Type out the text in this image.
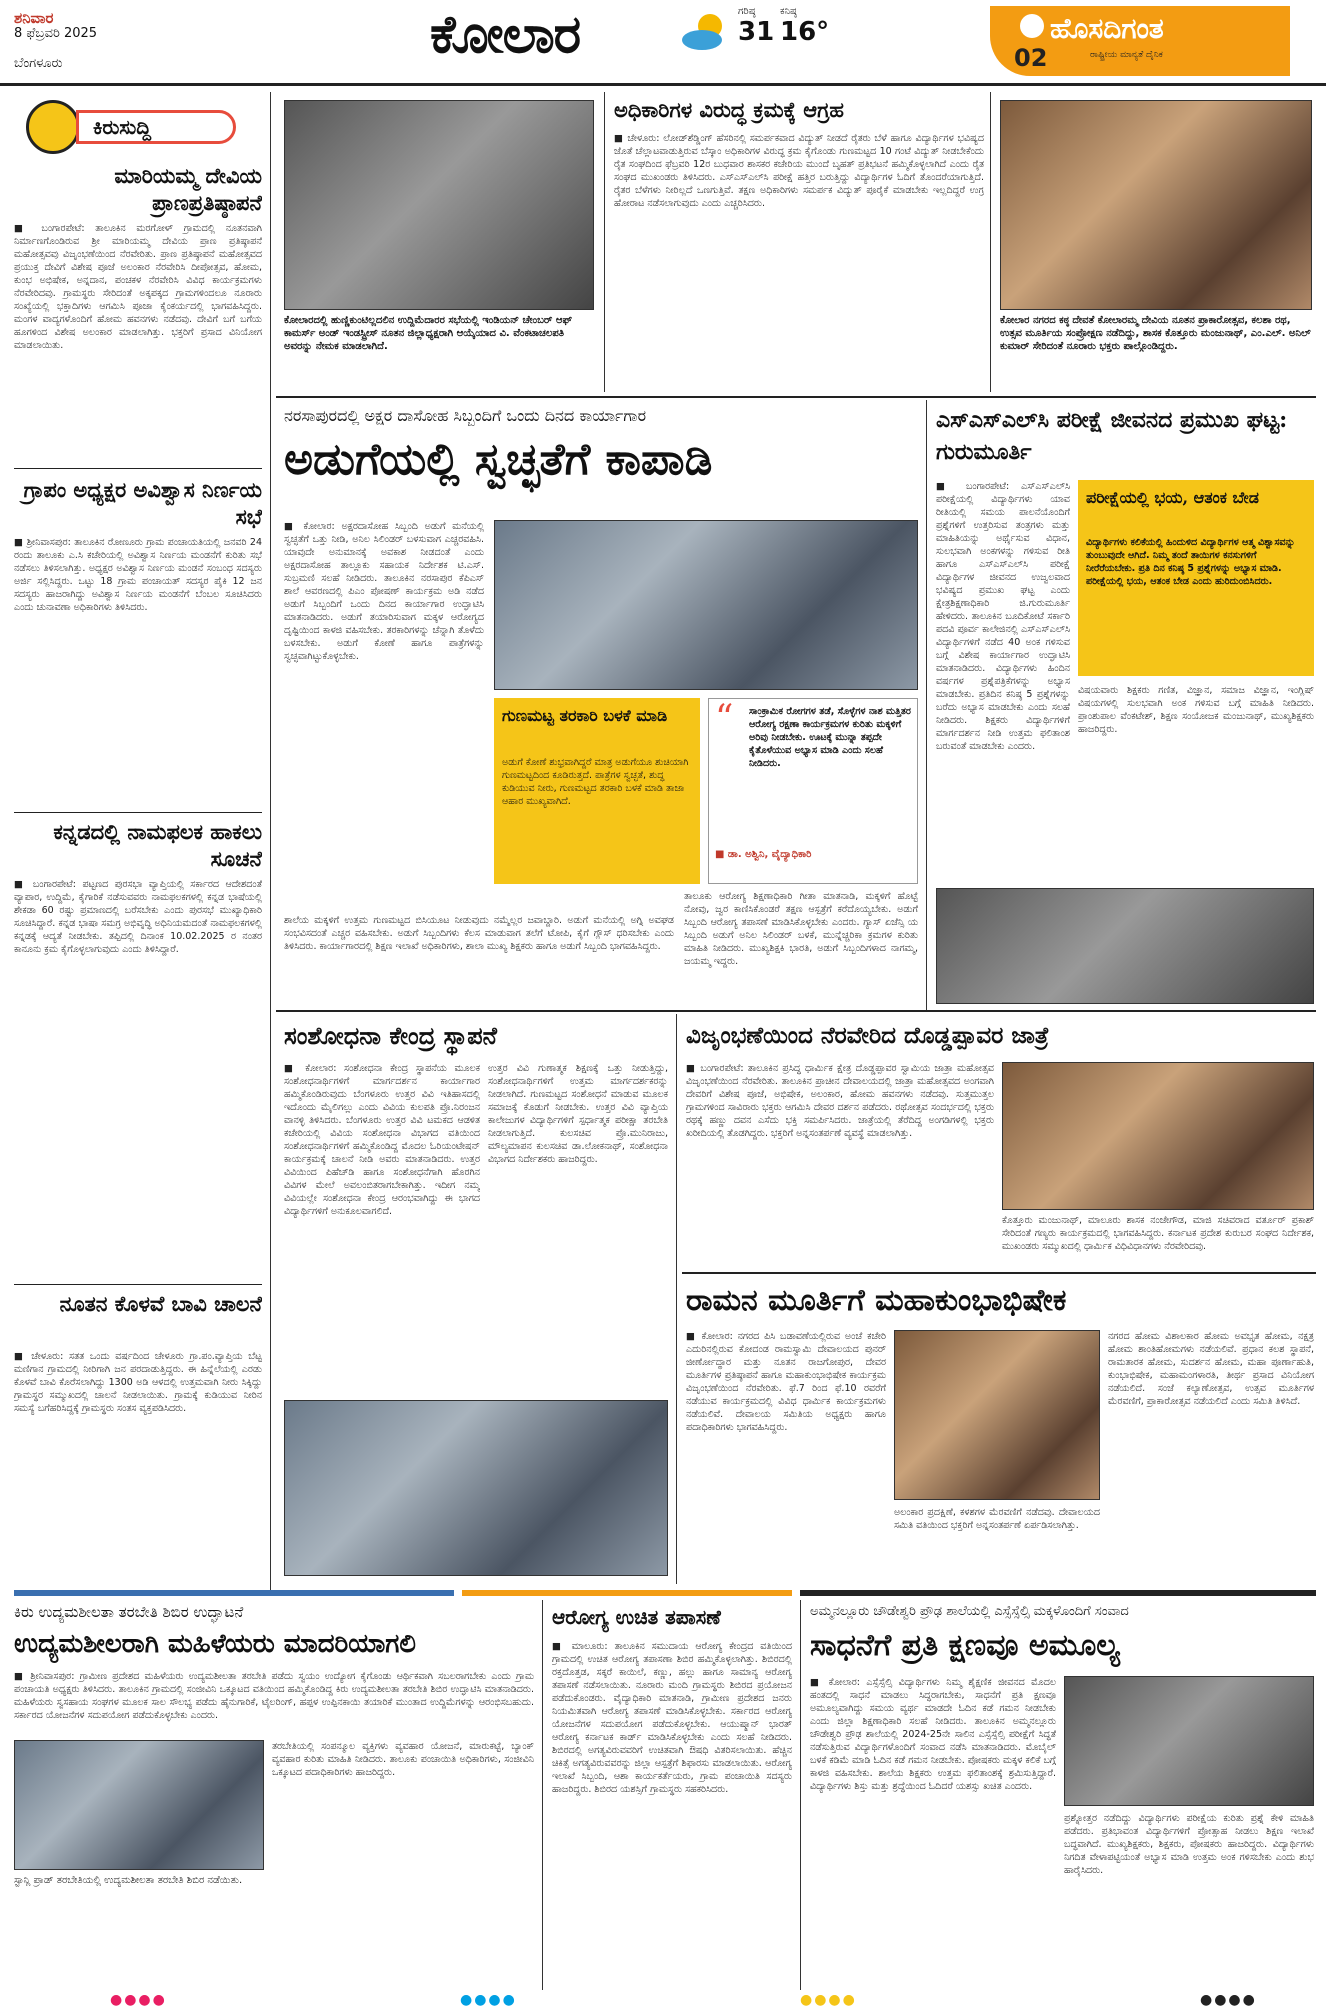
ಶನಿವಾರ
8 ಫೆಬ್ರವರಿ 2025
ಬೆಂಗಳೂರು	ಕೋಲಾರ	ಗರಿಷ್ಠ
31
ಕನಿಷ್ಠ
16°	ಹೊಸದಿಗಂತ
02	ರಾಷ್ಟ್ರೀಯ ಮಾನ್ಯತೆ ದೈನಿಕ
ಕಿರುಸುದ್ದಿ
ಮಾರಿಯಮ್ಮ ದೇವಿಯ ಪ್ರಾಣಪ್ರತಿಷ್ಠಾಪನೆ
■ ಬಂಗಾರಪೇಟೆ: ತಾಲೂಕಿನ ಮರಗೋಳ್ ಗ್ರಾಮದಲ್ಲಿ ನೂತನವಾಗಿ ನಿರ್ಮಾಣಗೊಂಡಿರುವ ಶ್ರೀ ಮಾರಿಯಮ್ಮ ದೇವಿಯ ಪ್ರಾಣ ಪ್ರತಿಷ್ಠಾಪನೆ ಮಹೋತ್ಸವವು ವಿಜೃಂಭಣೆಯಿಂದ ನೆರವೇರಿತು. ಪ್ರಾಣ ಪ್ರತಿಷ್ಠಾಪನೆ ಮಹೋತ್ಸವದ ಪ್ರಯುಕ್ತ ದೇವಿಗೆ ವಿಶೇಷ ಪೂಜೆ ಅಲಂಕಾರ ನೆರವೇರಿಸಿ ದೀಪೋತ್ಸವ, ಹೋಮ, ಕುಂಭ ಅಭಿಷೇಕ, ಅನ್ನದಾನ, ಪಂಚಕಳ ನೆರವೇರಿಸಿ ವಿವಿಧ ಕಾರ್ಯಕ್ರಮಗಳು ನೆರವೇರಿದವು. ಗ್ರಾಮಸ್ಥರು ಸೇರಿದಂತೆ ಅಕ್ಕಪಕ್ಕದ ಗ್ರಾಮಗಳಿಂದಲೂ ನೂರಾರು ಸಂಖ್ಯೆಯಲ್ಲಿ ಭಕ್ತಾದಿಗಳು ಆಗಮಿಸಿ ಪೂಜಾ ಕೈಂಕರ್ಯದಲ್ಲಿ ಭಾಗವಹಿಸಿದ್ದರು. ಮಂಗಳ ವಾದ್ಯಗಳೊಂದಿಗೆ ಹೋಮ ಹವನಗಳು ನಡೆದವು. ದೇವಿಗೆ ಬಗೆ ಬಗೆಯ ಹೂಗಳಿಂದ ವಿಶೇಷ ಅಲಂಕಾರ ಮಾಡಲಾಗಿತ್ತು. ಭಕ್ತರಿಗೆ ಪ್ರಸಾದ ವಿನಿಯೋಗ ಮಾಡಲಾಯಿತು.
ಗ್ರಾಪಂ ಅಧ್ಯಕ್ಷರ ಅವಿಶ್ವಾಸ ನಿರ್ಣಯ ಸಭೆ
■ ಶ್ರೀನಿವಾಸಪುರ: ತಾಲೂಕಿನ ರೋಣೂರು ಗ್ರಾಮ ಪಂಚಾಯತಿಯಲ್ಲಿ ಜನವರಿ 24 ರಂದು ತಾಲೂಕು ಎ.ಸಿ ಕಚೇರಿಯಲ್ಲಿ ಅವಿಶ್ವಾಸ ನಿರ್ಣಯ ಮಂಡನೆಗೆ ಕುರಿತು ಸಭೆ ನಡೆಸಲು ತಿಳಿಸಲಾಗಿತ್ತು. ಅಧ್ಯಕ್ಷರ ಅವಿಶ್ವಾಸ ನಿರ್ಣಯ ಮಂಡನೆ ಸಂಬಂಧ ಸದಸ್ಯರು ಅರ್ಜಿ ಸಲ್ಲಿಸಿದ್ದರು. ಒಟ್ಟು 18 ಗ್ರಾಮ ಪಂಚಾಯತ್ ಸದಸ್ಯರ ಪೈಕಿ 12 ಜನ ಸದಸ್ಯರು ಹಾಜರಾಗಿದ್ದು ಅವಿಶ್ವಾಸ ನಿರ್ಣಯ ಮಂಡನೆಗೆ ಬೆಂಬಲ ಸೂಚಿಸಿದರು ಎಂದು ಚುನಾವಣಾ ಅಧಿಕಾರಿಗಳು ತಿಳಿಸಿದರು.
ಕನ್ನಡದಲ್ಲಿ ನಾಮಫಲಕ ಹಾಕಲು ಸೂಚನೆ
■ ಬಂಗಾರಪೇಟೆ: ಪಟ್ಟಣದ ಪುರಸಭಾ ವ್ಯಾಪ್ತಿಯಲ್ಲಿ ಸರ್ಕಾರದ ಆದೇಶದಂತೆ ವ್ಯಾಪಾರ, ಉದ್ದಿಮೆ, ಕೈಗಾರಿಕೆ ನಡೆಸುವವರು ನಾಮಫಲಕಗಳಲ್ಲಿ ಕನ್ನಡ ಭಾಷೆಯಲ್ಲಿ ಶೇಕಡಾ 60 ರಷ್ಟು ಪ್ರಮಾಣದಲ್ಲಿ ಬರೆಸಬೇಕು ಎಂದು ಪುರಸಭೆ ಮುಖ್ಯಾಧಿಕಾರಿ ಸೂಚಿಸಿದ್ದಾರೆ. ಕನ್ನಡ ಭಾಷಾ ಸಮಗ್ರ ಅಭಿವೃದ್ಧಿ ಅಧಿನಿಯಮದಂತೆ ನಾಮಫಲಕಗಳಲ್ಲಿ ಕನ್ನಡಕ್ಕೆ ಆದ್ಯತೆ ನೀಡಬೇಕು. ತಪ್ಪಿದಲ್ಲಿ ದಿನಾಂಕ 10.02.2025 ರ ನಂತರ ಕಾನೂನು ಕ್ರಮ ಕೈಗೊಳ್ಳಲಾಗುವುದು ಎಂದು ತಿಳಿಸಿದ್ದಾರೆ.
ನೂತನ ಕೊಳವೆ ಬಾವಿ ಚಾಲನೆ
■ ಚೇಳೂರು: ಸತತ ಒಂದು ವರ್ಷದಿಂದ ಚೇಳೂರು ಗ್ರಾ.ಪಂ.ವ್ಯಾಪ್ತಿಯ ಬೆಟ್ಟ ಮಣಿಗಾನ ಗ್ರಾಮದಲ್ಲಿ ನೀರಿಗಾಗಿ ಜನ ಪರದಾಡುತ್ತಿದ್ದರು. ಈ ಹಿನ್ನೆಲೆಯಲ್ಲಿ ಎರಡು ಕೊಳವೆ ಬಾವಿ ಕೊರೆಸಲಾಗಿದ್ದು 1300 ಅಡಿ ಆಳದಲ್ಲಿ ಉತ್ತಮವಾಗಿ ನೀರು ಸಿಕ್ಕಿದ್ದು ಗ್ರಾಮಸ್ಥರ ಸಮ್ಮುಖದಲ್ಲಿ ಚಾಲನೆ ನೀಡಲಾಯಿತು. ಗ್ರಾಮಕ್ಕೆ ಕುಡಿಯುವ ನೀರಿನ ಸಮಸ್ಯೆ ಬಗೆಹರಿಸಿದ್ದಕ್ಕೆ ಗ್ರಾಮಸ್ಥರು ಸಂತಸ ವ್ಯಕ್ತಪಡಿಸಿದರು.
ಕೋಲಾರದಲ್ಲಿ ಹುಣ್ಣಿಕುಂಟಿಲ್ಲದಲಿನ ಉದ್ದಿಮೆದಾರರ ಸಭೆಯಲ್ಲಿ ಇಂಡಿಯನ್ ಚೇಂಬರ್ ಆಫ್ ಕಾಮರ್ಸ್ ಅಂಡ್ ಇಂಡಸ್ಟ್ರೀಸ್ ನೂತನ ಜಿಲ್ಲಾಧ್ಯಕ್ಷರಾಗಿ ಆಯ್ಕೆಯಾದ ವಿ. ವೆಂಕಟಾಚಲಪತಿ ಅವರನ್ನು ನೇಮಕ ಮಾಡಲಾಗಿದೆ.
ಅಧಿಕಾರಿಗಳ ವಿರುದ್ಧ ಕ್ರಮಕ್ಕೆ ಆಗ್ರಹ
■ ಚೇಳೂರು: ಲೋಡ್‌ಶೆಡ್ಡಿಂಗ್ ಹೆಸರಿನಲ್ಲಿ ಸಮರ್ಪಕವಾದ ವಿದ್ಯುತ್ ನೀಡದೆ ರೈತರು ಬೆಳೆ ಹಾಗೂ ವಿದ್ಯಾರ್ಥಿಗಳ ಭವಿಷ್ಯದ ಜೊತೆ ಚೆಲ್ಲಾಟವಾಡುತ್ತಿರುವ ಬೆಸ್ಕಾಂ ಅಧಿಕಾರಿಗಳ ವಿರುದ್ಧ ಕ್ರಮ ಕೈಗೊಂಡು ಗುಣಮಟ್ಟದ 10 ಗಂಟೆ ವಿದ್ಯುತ್ ನೀಡಬೇಕೆಂದು ರೈತ ಸಂಘದಿಂದ ಫೆಬ್ರವರಿ 12ರ ಬುಧವಾರ ಶಾಸಕರ ಕಚೇರಿಯ ಮುಂದೆ ಬೃಹತ್ ಪ್ರತಿಭಟನೆ ಹಮ್ಮಿಕೊಳ್ಳಲಾಗಿದೆ ಎಂದು ರೈತ ಸಂಘದ ಮುಖಂಡರು ತಿಳಿಸಿದರು. ಎಸ್‌ಎಸ್‌ಎಲ್‌ಸಿ ಪರೀಕ್ಷೆ ಹತ್ತಿರ ಬರುತ್ತಿದ್ದು ವಿದ್ಯಾರ್ಥಿಗಳ ಓದಿಗೆ ತೊಂದರೆಯಾಗುತ್ತಿದೆ. ರೈತರ ಬೆಳೆಗಳು ನೀರಿಲ್ಲದೆ ಒಣಗುತ್ತಿವೆ. ತಕ್ಷಣ ಅಧಿಕಾರಿಗಳು ಸಮರ್ಪಕ ವಿದ್ಯುತ್ ಪೂರೈಕೆ ಮಾಡಬೇಕು ಇಲ್ಲದಿದ್ದರೆ ಉಗ್ರ ಹೋರಾಟ ನಡೆಸಲಾಗುವುದು ಎಂದು ಎಚ್ಚರಿಸಿದರು.
ಕೋಲಾರ ನಗರದ ಕಠ್ಠ ದೇವತೆ ಕೋಲಾರಮ್ಮ ದೇವಿಯ ನೂತನ ಪ್ರಾಕಾರೋತ್ಸವ, ಕಲಶಾ ರಥ, ಉತ್ಸವ ಮೂರ್ತಿಯ ಸಂಪ್ರೋಕ್ಷಣ ನಡೆದಿದ್ದು, ಶಾಸಕ ಕೊತ್ತೂರು ಮಂಜುನಾಥ್, ಎಂ.ಎಲ್. ಅನಿಲ್ ಕುಮಾರ್ ಸೇರಿದಂತೆ ನೂರಾರು ಭಕ್ತರು ಪಾಲ್ಗೊಂಡಿದ್ದರು.
ನರಸಾಪುರದಲ್ಲಿ ಅಕ್ಷರ ದಾಸೋಹ ಸಿಬ್ಬಂದಿಗೆ ಒಂದು ದಿನದ ಕಾರ್ಯಾಗಾರ
ಅಡುಗೆಯಲ್ಲಿ ಸ್ವಚ್ಛತೆಗೆ ಕಾಪಾಡಿ
■ ಕೋಲಾರ: ಅಕ್ಷರದಾಸೋಹ ಸಿಬ್ಬಂದಿ ಅಡುಗೆ ಮನೆಯಲ್ಲಿ ಸ್ವಚ್ಛತೆಗೆ ಒತ್ತು ನೀಡಿ, ಅನಿಲ ಸಿಲಿಂಡರ್ ಬಳಸುವಾಗ ಎಚ್ಚರವಹಿಸಿ. ಯಾವುದೇ ಅನುಮಾನಕ್ಕೆ ಅವಕಾಶ ನೀಡದಂತೆ ಎಂದು ಅಕ್ಷರದಾಸೋಹ ತಾಲ್ಲೂಕು ಸಹಾಯಕ ನಿರ್ದೇಶಕ ಟಿ.ಎಸ್. ಸುಬ್ರಮಣಿ ಸಲಹೆ ನೀಡಿದರು. ತಾಲೂಕಿನ ನರಸಾಪುರ ಕೆಪಿಎಸ್ ಶಾಲೆ ಆವರಣದಲ್ಲಿ ಪಿಎಂ ಪೋಷಣ್ ಕಾರ್ಯಕ್ರಮ ಅಡಿ ನಡೆದ ಅಡುಗೆ ಸಿಬ್ಬಂದಿಗೆ ಒಂದು ದಿನದ ಕಾರ್ಯಾಗಾರ ಉದ್ಘಾಟಿಸಿ ಮಾತನಾಡಿದರು. ಅಡುಗೆ ತಯಾರಿಸುವಾಗ ಮಕ್ಕಳ ಆರೋಗ್ಯದ ದೃಷ್ಟಿಯಿಂದ ಕಾಳಜಿ ವಹಿಸಬೇಕು. ತರಕಾರಿಗಳನ್ನು ಚೆನ್ನಾಗಿ ತೊಳೆದು ಬಳಸಬೇಕು. ಅಡುಗೆ ಕೋಣೆ ಹಾಗೂ ಪಾತ್ರೆಗಳನ್ನು ಸ್ವಚ್ಛವಾಗಿಟ್ಟುಕೊಳ್ಳಬೇಕು.
ಶಾಲೆಯ ಮಕ್ಕಳಿಗೆ ಉತ್ತಮ ಗುಣಮಟ್ಟದ ಬಿಸಿಯೂಟ ನೀಡುವುದು ನಮ್ಮೆಲ್ಲರ ಜವಾಬ್ದಾರಿ. ಅಡುಗೆ ಮನೆಯಲ್ಲಿ ಅಗ್ನಿ ಅವಘಡ ಸಂಭವಿಸದಂತೆ ಎಚ್ಚರ ವಹಿಸಬೇಕು. ಅಡುಗೆ ಸಿಬ್ಬಂದಿಗಳು ಕೆಲಸ ಮಾಡುವಾಗ ತಲೆಗೆ ಟೋಪಿ, ಕೈಗೆ ಗ್ಲೌಸ್ ಧರಿಸಬೇಕು ಎಂದು ತಿಳಿಸಿದರು. ಕಾರ್ಯಾಗಾರದಲ್ಲಿ ಶಿಕ್ಷಣ ಇಲಾಖೆ ಅಧಿಕಾರಿಗಳು, ಶಾಲಾ ಮುಖ್ಯ ಶಿಕ್ಷಕರು ಹಾಗೂ ಅಡುಗೆ ಸಿಬ್ಬಂದಿ ಭಾಗವಹಿಸಿದ್ದರು.
ಗುಣಮಟ್ಟ ತರಕಾರಿ ಬಳಕೆ ಮಾಡಿ
ಅಡುಗೆ ಕೋಣೆ ಶುಭ್ರವಾಗಿದ್ದರೆ ಮಾತ್ರ ಅಡುಗೆಯೂ ಶುಚಿಯಾಗಿ ಗುಣಮಟ್ಟದಿಂದ ಕೂಡಿರುತ್ತದೆ. ಪಾತ್ರೆಗಳ ಸ್ವಚ್ಛತೆ, ಶುದ್ಧ ಕುಡಿಯುವ ನೀರು, ಗುಣಮಟ್ಟದ ತರಕಾರಿ ಬಳಕೆ ಮಾಡಿ ತಾಜಾ ಆಹಾರ ಮುಖ್ಯವಾಗಿದೆ.
“ ಸಾಂಕ್ರಾಮಿಕ ರೋಗಗಳ ತಡೆ, ಸೊಳ್ಳೆಗಳ ನಾಶ ಮತ್ತಿತರ ಆರೋಗ್ಯ ರಕ್ಷಣಾ ಕಾರ್ಯಕ್ರಮಗಳ ಕುರಿತು ಮಕ್ಕಳಿಗೆ ಅರಿವು ನೀಡಬೇಕು. ಊಟಕ್ಕೆ ಮುನ್ನಾ ತಪ್ಪದೇ ಕೈತೊಳೆಯುವ ಅಭ್ಯಾಸ ಮಾಡಿ ಎಂದು ಸಲಹೆ ನೀಡಿದರು.
■ ಡಾ. ಅಶ್ವಿನಿ, ವೈದ್ಯಾಧಿಕಾರಿ
ತಾಲೂಕು ಆರೋಗ್ಯ ಶಿಕ್ಷಣಾಧಿಕಾರಿ ಗೀತಾ ಮಾತನಾಡಿ, ಮಕ್ಕಳಿಗೆ ಹೊಟ್ಟೆ ನೋವು, ಜ್ವರ ಕಾಣಿಸಿಕೊಂಡರೆ ತಕ್ಷಣ ಆಸ್ಪತ್ರೆಗೆ ಕರೆದೊಯ್ಯಬೇಕು. ಅಡುಗೆ ಸಿಬ್ಬಂದಿ ಆರೋಗ್ಯ ತಪಾಸಣೆ ಮಾಡಿಸಿಕೊಳ್ಳಬೇಕು ಎಂದರು. ಗ್ಯಾಸ್ ಏಜೆನ್ಸಿ ಯ ಸಿಬ್ಬಂದಿ ಅಡುಗೆ ಅನಿಲ ಸಿಲಿಂಡರ್ ಬಳಕೆ, ಮುನ್ನೆಚ್ಚರಿಕಾ ಕ್ರಮಗಳ ಕುರಿತು ಮಾಹಿತಿ ನೀಡಿದರು. ಮುಖ್ಯಶಿಕ್ಷಕಿ ಭಾರತಿ, ಅಡುಗೆ ಸಿಬ್ಬಂದಿಗಳಾದ ನಾಗಮ್ಮ, ಜಯಮ್ಮ ಇದ್ದರು.
ಎಸ್‌ಎಸ್‌ಎಲ್‌ಸಿ ಪರೀಕ್ಷೆ ಜೀವನದ ಪ್ರಮುಖ ಘಟ್ಟ: ಗುರುಮೂರ್ತಿ
■ ಬಂಗಾರಪೇಟೆ: ಎಸ್‌ಎಸ್‌ಎಲ್‌ಸಿ ಪರೀಕ್ಷೆಯಲ್ಲಿ ವಿದ್ಯಾರ್ಥಿಗಳು ಯಾವ ರೀತಿಯಲ್ಲಿ ಸಮಯ ಪಾಲನೆಯೊಂದಿಗೆ ಪ್ರಶ್ನೆಗಳಿಗೆ ಉತ್ತರಿಸುವ ತಂತ್ರಗಳು ಮತ್ತು ಮಾಹಿತಿಯನ್ನು ಅರ್ಥೈಸುವ ವಿಧಾನ, ಸುಲಭವಾಗಿ ಅಂಕಗಳನ್ನು ಗಳಿಸುವ ರೀತಿ ಹಾಗೂ ಎಸ್‌ಎಸ್‌ಎಲ್‌ಸಿ ಪರೀಕ್ಷೆ ವಿದ್ಯಾರ್ಥಿಗಳ ಜೀವನದ ಉಜ್ವಲವಾದ ಭವಿಷ್ಯದ ಪ್ರಮುಖ ಘಟ್ಟ ಎಂದು ಕ್ಷೇತ್ರಶಿಕ್ಷಣಾಧಿಕಾರಿ ಜಿ.ಗುರುಮೂರ್ತಿ ಹೇಳಿದರು. ತಾಲೂಕಿನ ಬೂದಿಕೋಟೆ ಸರ್ಕಾರಿ ಪದವಿ ಪೂರ್ವ ಕಾಲೇಜಿನಲ್ಲಿ ಎಸ್‌ಎಸ್‌ಎಲ್‌ಸಿ ವಿದ್ಯಾರ್ಥಿಗಳಿಗೆ ನಡೆದ 40 ಅಂಕ ಗಳಿಸುವ ಬಗ್ಗೆ ವಿಶೇಷ ಕಾರ್ಯಾಗಾರ ಉದ್ಘಾಟಿಸಿ ಮಾತನಾಡಿದರು. ವಿದ್ಯಾರ್ಥಿಗಳು ಹಿಂದಿನ ವರ್ಷಗಳ ಪ್ರಶ್ನೆಪತ್ರಿಕೆಗಳನ್ನು ಅಭ್ಯಾಸ ಮಾಡಬೇಕು. ಪ್ರತಿದಿನ ಕನಿಷ್ಠ 5 ಪ್ರಶ್ನೆಗಳನ್ನು ಬರೆದು ಅಭ್ಯಾಸ ಮಾಡಬೇಕು ಎಂದು ಸಲಹೆ ನೀಡಿದರು. ಶಿಕ್ಷಕರು ವಿದ್ಯಾರ್ಥಿಗಳಿಗೆ ಮಾರ್ಗದರ್ಶನ ನೀಡಿ ಉತ್ತಮ ಫಲಿತಾಂಶ ಬರುವಂತೆ ಮಾಡಬೇಕು ಎಂದರು.
ಪರೀಕ್ಷೆಯಲ್ಲಿ ಭಯ, ಆತಂಕ ಬೇಡ
ವಿದ್ಯಾರ್ಥಿಗಳು ಕಲಿಕೆಯಲ್ಲಿ ಹಿಂದುಳಿದ ವಿದ್ಯಾರ್ಥಿಗಳ ಆತ್ಮ ವಿಶ್ವಾಸವನ್ನು ತುಂಬುವುದೇ ಆಗಿದೆ. ನಿಮ್ಮ ತಂದೆ ತಾಯಿಗಳ ಕನಸುಗಳಿಗೆ ನೀರೆರೆಯಬೇಕು. ಪ್ರತಿ ದಿನ ಕನಿಷ್ಠ 5 ಪ್ರಶ್ನೆಗಳನ್ನು ಅಭ್ಯಾಸ ಮಾಡಿ. ಪರೀಕ್ಷೆಯಲ್ಲಿ ಭಯ, ಆತಂಕ ಬೇಡ ಎಂದು ಹುರಿದುಂಬಿಸಿದರು.
ವಿಷಯವಾರು ಶಿಕ್ಷಕರು ಗಣಿತ, ವಿಜ್ಞಾನ, ಸಮಾಜ ವಿಜ್ಞಾನ, ಇಂಗ್ಲಿಷ್ ವಿಷಯಗಳಲ್ಲಿ ಸುಲಭವಾಗಿ ಅಂಕ ಗಳಿಸುವ ಬಗ್ಗೆ ಮಾಹಿತಿ ನೀಡಿದರು. ಪ್ರಾಂಶುಪಾಲ ವೆಂಕಟೇಶ್, ಶಿಕ್ಷಣ ಸಂಯೋಜಕ ಮಂಜುನಾಥ್, ಮುಖ್ಯಶಿಕ್ಷಕರು ಹಾಜರಿದ್ದರು.
ಸಂಶೋಧನಾ ಕೇಂದ್ರ ಸ್ಥಾಪನೆ
■ ಕೋಲಾರ: ಸಂಶೋಧನಾ ಕೇಂದ್ರ ಸ್ಥಾಪನೆಯ ಮೂಲಕ ಸಂಶೋಧನಾರ್ಥಿಗಳಿಗೆ ಮಾರ್ಗದರ್ಶನ ಕಾರ್ಯಾಗಾರ ಹಮ್ಮಿಕೊಂಡಿರುವುದು ಬೆಂಗಳೂರು ಉತ್ತರ ವಿವಿ ಇತಿಹಾಸದಲ್ಲಿ ಇದೊಂದು ಮೈಲಿಗಲ್ಲು ಎಂದು ವಿವಿಯ ಕುಲಪತಿ ಪ್ರೊ.ನಿರಂಜನ ವಾನಳ್ಳಿ ತಿಳಿಸಿದರು. ಬೆಂಗಳೂರು ಉತ್ತರ ವಿವಿ ಟಮಕದ ಆಡಳಿತ ಕಚೇರಿಯಲ್ಲಿ ವಿವಿಯ ಸಂಶೋಧನಾ ವಿಭಾಗದ ವತಿಯಿಂದ ಸಂಶೋಧನಾರ್ಥಿಗಳಿಗೆ ಹಮ್ಮಿಕೊಂಡಿದ್ದ ಮೊದಲ ಓರಿಯಂಟೇಷನ್ ಕಾರ್ಯಕ್ರಮಕ್ಕೆ ಚಾಲನೆ ನೀಡಿ ಅವರು ಮಾತನಾಡಿದರು. ಉತ್ತರ ವಿವಿಯಿಂದ ಪಿಹೆಚ್‌ಡಿ ಹಾಗೂ ಸಂಶೋಧನೆಗಾಗಿ ಹೊರಗಿನ ವಿವಿಗಳ ಮೇಲೆ ಅವಲಂಬಿತರಾಗಬೇಕಾಗಿತ್ತು. ಇದೀಗ ನಮ್ಮ ವಿವಿಯಲ್ಲೇ ಸಂಶೋಧನಾ ಕೇಂದ್ರ ಆರಂಭವಾಗಿದ್ದು ಈ ಭಾಗದ ವಿದ್ಯಾರ್ಥಿಗಳಿಗೆ ಅನುಕೂಲವಾಗಲಿದೆ.
ಉತ್ತರ ವಿವಿ ಗುಣಾತ್ಮಕ ಶಿಕ್ಷಣಕ್ಕೆ ಒತ್ತು ನೀಡುತ್ತಿದ್ದು, ಸಂಶೋಧನಾರ್ಥಿಗಳಿಗೆ ಉತ್ತಮ ಮಾರ್ಗದರ್ಶಕರನ್ನು ನೀಡಲಾಗಿದೆ. ಗುಣಮಟ್ಟದ ಸಂಶೋಧನೆ ಮಾಡುವ ಮೂಲಕ ಸಮಾಜಕ್ಕೆ ಕೊಡುಗೆ ನೀಡಬೇಕು. ಉತ್ತರ ವಿವಿ ವ್ಯಾಪ್ತಿಯ ಕಾಲೇಜುಗಳ ವಿದ್ಯಾರ್ಥಿಗಳಿಗೆ ಸ್ಪರ್ಧಾತ್ಮಕ ಪರೀಕ್ಷಾ ತರಬೇತಿ ನೀಡಲಾಗುತ್ತಿದೆ. ಕುಲಸಚಿವ ಪ್ರೊ.ಮುನಿರಾಜು, ಮೌಲ್ಯಮಾಪನ ಕುಲಸಚಿವ ಡಾ.ಲೋಕನಾಥ್, ಸಂಶೋಧನಾ ವಿಭಾಗದ ನಿರ್ದೇಶಕರು ಹಾಜರಿದ್ದರು.
ವಿಜೃಂಭಣೆಯಿಂದ ನೆರವೇರಿದ ದೊಡ್ಡಪ್ಪಾವರ ಜಾತ್ರೆ
■ ಬಂಗಾರಪೇಟೆ: ತಾಲೂಕಿನ ಪ್ರಸಿದ್ಧ ಧಾರ್ಮಿಕ ಕ್ಷೇತ್ರ ದೊಡ್ಡಪ್ಪಾವರ ಸ್ವಾಮಿಯ ಜಾತ್ರಾ ಮಹೋತ್ಸವ ವಿಜೃಂಭಣೆಯಿಂದ ನೆರವೇರಿತು. ತಾಲೂಕಿನ ಪ್ರಾಚೀನ ದೇವಾಲಯದಲ್ಲಿ ಜಾತ್ರಾ ಮಹೋತ್ಸವದ ಅಂಗವಾಗಿ ದೇವರಿಗೆ ವಿಶೇಷ ಪೂಜೆ, ಅಭಿಷೇಕ, ಅಲಂಕಾರ, ಹೋಮ ಹವನಗಳು ನಡೆದವು. ಸುತ್ತಮುತ್ತಲ ಗ್ರಾಮಗಳಿಂದ ಸಾವಿರಾರು ಭಕ್ತರು ಆಗಮಿಸಿ ದೇವರ ದರ್ಶನ ಪಡೆದರು. ರಥೋತ್ಸವ ಸಂದರ್ಭದಲ್ಲಿ ಭಕ್ತರು ರಥಕ್ಕೆ ಹಣ್ಣು ದವನ ಎಸೆದು ಭಕ್ತಿ ಸಮರ್ಪಿಸಿದರು. ಜಾತ್ರೆಯಲ್ಲಿ ತೆರೆದಿದ್ದ ಅಂಗಡಿಗಳಲ್ಲಿ ಭಕ್ತರು ಖರೀದಿಯಲ್ಲಿ ತೊಡಗಿದ್ದರು. ಭಕ್ತರಿಗೆ ಅನ್ನಸಂತರ್ಪಣೆ ವ್ಯವಸ್ಥೆ ಮಾಡಲಾಗಿತ್ತು.
ಕೊತ್ತೂರು ಮಂಜುನಾಥ್, ಮಾಲೂರು ಶಾಸಕ ನಂಜೇಗೌಡ, ಮಾಜಿ ಸಚಿವರಾದ ವರ್ತೂರ್ ಪ್ರಕಾಶ್ ಸೇರಿದಂತೆ ಗಣ್ಯರು ಕಾರ್ಯಕ್ರಮದಲ್ಲಿ ಭಾಗವಹಿಸಿದ್ದರು. ಕರ್ನಾಟಕ ಪ್ರದೇಶ ಕುರುಬರ ಸಂಘದ ನಿರ್ದೇಶಕ, ಮುಖಂಡರು ಸಮ್ಮುಖದಲ್ಲಿ ಧಾರ್ಮಿಕ ವಿಧಿವಿಧಾನಗಳು ನೆರವೇರಿದವು.
ರಾಮನ ಮೂರ್ತಿಗೆ ಮಹಾಕುಂಭಾಭಿಷೇಕ
■ ಕೋಲಾರ: ನಗರದ ಪಿಸಿ ಬಡಾವಣೆಯಲ್ಲಿರುವ ಅಂಚೆ ಕಚೇರಿ ಎದುರಿನಲ್ಲಿರುವ ಕೋದಂಡ ರಾಮಸ್ವಾಮಿ ದೇವಾಲಯದ ಪುನರ್ ಜೀರ್ಣೋದ್ಧಾರ ಮತ್ತು ನೂತನ ರಾಜಗೋಪುರ, ದೇವರ ಮೂರ್ತಿಗಳ ಪ್ರತಿಷ್ಠಾಪನೆ ಹಾಗೂ ಮಹಾಕುಂಭಾಭಿಷೇಕ ಕಾರ್ಯಕ್ರಮ ವಿಜೃಂಭಣೆಯಿಂದ ನೆರವೇರಿತು. ಫೆ.7 ರಿಂದ ಫೆ.10 ರವರೆಗೆ ನಡೆಯುವ ಕಾರ್ಯಕ್ರಮದಲ್ಲಿ ವಿವಿಧ ಧಾರ್ಮಿಕ ಕಾರ್ಯಕ್ರಮಗಳು ನಡೆಯಲಿವೆ. ದೇವಾಲಯ ಸಮಿತಿಯ ಅಧ್ಯಕ್ಷರು ಹಾಗೂ ಪದಾಧಿಕಾರಿಗಳು ಭಾಗವಹಿಸಿದ್ದರು.
ಅಲಂಕಾರ ಪ್ರದಕ್ಷಿಣೆ, ಕಳಶಗಳ ಮೆರವಣಿಗೆ ನಡೆದವು. ದೇವಾಲಯದ ಸಮಿತಿ ವತಿಯಿಂದ ಭಕ್ತರಿಗೆ ಅನ್ನಸಂತರ್ಪಣೆ ಏರ್ಪಡಿಸಲಾಗಿತ್ತು.
ನಗರದ ಹೋಮ ವಿಶಾಲಕಾರ ಹೋಮ ಅವಭೃತ ಹೋಮ, ನಕ್ಷತ್ರ ಹೋಮ ಶಾಂತಿಹೋಮಗಳು ನಡೆಯಲಿವೆ. ಪ್ರಧಾನ ಕಲಶ ಸ್ಥಾಪನೆ, ರಾಮತಾರಕ ಹೋಮ, ಸುದರ್ಶನ ಹೋಮ, ಮಹಾ ಪೂರ್ಣಾಹುತಿ, ಕುಂಭಾಭಿಷೇಕ, ಮಹಾಮಂಗಳಾರತಿ, ತೀರ್ಥ ಪ್ರಸಾದ ವಿನಿಯೋಗ ನಡೆಯಲಿದೆ. ಸಂಜೆ ಕಲ್ಯಾಣೋತ್ಸವ, ಉತ್ಸವ ಮೂರ್ತಿಗಳ ಮೆರವಣಿಗೆ, ಪ್ರಾಕಾರೋತ್ಸವ ನಡೆಯಲಿದೆ ಎಂದು ಸಮಿತಿ ತಿಳಿಸಿದೆ.
ಕಿರು ಉದ್ಯಮಶೀಲತಾ ತರಬೇತಿ ಶಿಬಿರ ಉದ್ಘಾಟನೆ
ಉದ್ಯಮಶೀಲರಾಗಿ ಮಹಿಳೆಯರು ಮಾದರಿಯಾಗಲಿ
■ ಶ್ರೀನಿವಾಸಪುರ: ಗ್ರಾಮೀಣ ಪ್ರದೇಶದ ಮಹಿಳೆಯರು ಉದ್ಯಮಶೀಲತಾ ತರಬೇತಿ ಪಡೆದು ಸ್ವಯಂ ಉದ್ಯೋಗ ಕೈಗೊಂಡು ಆರ್ಥಿಕವಾಗಿ ಸಬಲರಾಗಬೇಕು ಎಂದು ಗ್ರಾಮ ಪಂಚಾಯತಿ ಅಧ್ಯಕ್ಷರು ತಿಳಿಸಿದರು. ತಾಲೂಕಿನ ಗ್ರಾಮದಲ್ಲಿ ಸಂಜೀವಿನಿ ಒಕ್ಕೂಟದ ವತಿಯಿಂದ ಹಮ್ಮಿಕೊಂಡಿದ್ದ ಕಿರು ಉದ್ಯಮಶೀಲತಾ ತರಬೇತಿ ಶಿಬಿರ ಉದ್ಘಾಟಿಸಿ ಮಾತನಾಡಿದರು. ಮಹಿಳೆಯರು ಸ್ವಸಹಾಯ ಸಂಘಗಳ ಮೂಲಕ ಸಾಲ ಸೌಲಭ್ಯ ಪಡೆದು ಹೈನುಗಾರಿಕೆ, ಟೈಲರಿಂಗ್, ಹಪ್ಪಳ ಉಪ್ಪಿನಕಾಯಿ ತಯಾರಿಕೆ ಮುಂತಾದ ಉದ್ದಿಮೆಗಳನ್ನು ಆರಂಭಿಸಬಹುದು. ಸರ್ಕಾರದ ಯೋಜನೆಗಳ ಸದುಪಯೋಗ ಪಡೆದುಕೊಳ್ಳಬೇಕು ಎಂದರು.
ಸ್ಟಾನ್ಲಿ ಪ್ರಾಡ್ ತರಬೇತಿಯಲ್ಲಿ ಉದ್ಯಮಶೀಲತಾ ತರಬೇತಿ ಶಿಬಿರ ನಡೆಯಿತು.
ತರಬೇತಿಯಲ್ಲಿ ಸಂಪನ್ಮೂಲ ವ್ಯಕ್ತಿಗಳು ವ್ಯವಹಾರ ಯೋಜನೆ, ಮಾರುಕಟ್ಟೆ, ಬ್ಯಾಂಕ್ ವ್ಯವಹಾರ ಕುರಿತು ಮಾಹಿತಿ ನೀಡಿದರು. ತಾಲೂಕು ಪಂಚಾಯಿತಿ ಅಧಿಕಾರಿಗಳು, ಸಂಜೀವಿನಿ ಒಕ್ಕೂಟದ ಪದಾಧಿಕಾರಿಗಳು ಹಾಜರಿದ್ದರು.
ಆರೋಗ್ಯ ಉಚಿತ ತಪಾಸಣೆ
■ ಮಾಲೂರು: ತಾಲೂಕಿನ ಸಮುದಾಯ ಆರೋಗ್ಯ ಕೇಂದ್ರದ ವತಿಯಿಂದ ಗ್ರಾಮದಲ್ಲಿ ಉಚಿತ ಆರೋಗ್ಯ ತಪಾಸಣಾ ಶಿಬಿರ ಹಮ್ಮಿಕೊಳ್ಳಲಾಗಿತ್ತು. ಶಿಬಿರದಲ್ಲಿ ರಕ್ತದೊತ್ತಡ, ಸಕ್ಕರೆ ಕಾಯಿಲೆ, ಕಣ್ಣು, ಹಲ್ಲು ಹಾಗೂ ಸಾಮಾನ್ಯ ಆರೋಗ್ಯ ತಪಾಸಣೆ ನಡೆಸಲಾಯಿತು. ನೂರಾರು ಮಂದಿ ಗ್ರಾಮಸ್ಥರು ಶಿಬಿರದ ಪ್ರಯೋಜನ ಪಡೆದುಕೊಂಡರು. ವೈದ್ಯಾಧಿಕಾರಿ ಮಾತನಾಡಿ, ಗ್ರಾಮೀಣ ಪ್ರದೇಶದ ಜನರು ನಿಯಮಿತವಾಗಿ ಆರೋಗ್ಯ ತಪಾಸಣೆ ಮಾಡಿಸಿಕೊಳ್ಳಬೇಕು. ಸರ್ಕಾರದ ಆರೋಗ್ಯ ಯೋಜನೆಗಳ ಸದುಪಯೋಗ ಪಡೆದುಕೊಳ್ಳಬೇಕು. ಆಯುಷ್ಮಾನ್ ಭಾರತ್ ಆರೋಗ್ಯ ಕರ್ನಾಟಕ ಕಾರ್ಡ್ ಮಾಡಿಸಿಕೊಳ್ಳಬೇಕು ಎಂದು ಸಲಹೆ ನೀಡಿದರು. ಶಿಬಿರದಲ್ಲಿ ಅಗತ್ಯವಿರುವವರಿಗೆ ಉಚಿತವಾಗಿ ಔಷಧಿ ವಿತರಿಸಲಾಯಿತು. ಹೆಚ್ಚಿನ ಚಿಕಿತ್ಸೆ ಅಗತ್ಯವಿರುವವರನ್ನು ಜಿಲ್ಲಾ ಆಸ್ಪತ್ರೆಗೆ ಶಿಫಾರಸು ಮಾಡಲಾಯಿತು. ಆರೋಗ್ಯ ಇಲಾಖೆ ಸಿಬ್ಬಂದಿ, ಆಶಾ ಕಾರ್ಯಕರ್ತೆಯರು, ಗ್ರಾಮ ಪಂಚಾಯಿತಿ ಸದಸ್ಯರು ಹಾಜರಿದ್ದರು. ಶಿಬಿರದ ಯಶಸ್ಸಿಗೆ ಗ್ರಾಮಸ್ಥರು ಸಹಕರಿಸಿದರು.
ಅಮ್ಮನಲ್ಲೂರು ಚೌಡೇಶ್ವರಿ ಪ್ರೌಢ ಶಾಲೆಯಲ್ಲಿ ಎಸ್ಸೆಸ್ಸೆಲ್ಸಿ ಮಕ್ಕಳೊಂದಿಗೆ ಸಂವಾದ
ಸಾಧನೆಗೆ ಪ್ರತಿ ಕ್ಷಣವೂ ಅಮೂಲ್ಯ
■ ಕೋಲಾರ: ಎಸ್ಸೆಸ್ಸೆಲ್ಸಿ ವಿದ್ಯಾರ್ಥಿಗಳು ನಿಮ್ಮ ಶೈಕ್ಷಣಿಕ ಜೀವನದ ಮೊದಲ ಹಂತದಲ್ಲಿ ಸಾಧನೆ ಮಾಡಲು ಸಿದ್ಧರಾಗಬೇಕು, ಸಾಧನೆಗೆ ಪ್ರತಿ ಕ್ಷಣವೂ ಅಮೂಲ್ಯವಾಗಿದ್ದು ಸಮಯ ವ್ಯರ್ಥ ಮಾಡದೇ ಓದಿನ ಕಡೆ ಗಮನ ನೀಡಬೇಕು ಎಂದು ಜಿಲ್ಲಾ ಶಿಕ್ಷಣಾಧಿಕಾರಿ ಸಲಹೆ ನೀಡಿದರು. ತಾಲೂಕಿನ ಅಮ್ಮನಲ್ಲೂರು ಚೌಡೇಶ್ವರಿ ಪ್ರೌಢ ಶಾಲೆಯಲ್ಲಿ 2024-25ನೇ ಸಾಲಿನ ಎಸ್ಸೆಸ್ಸೆಲ್ಸಿ ಪರೀಕ್ಷೆಗೆ ಸಿದ್ಧತೆ ನಡೆಸುತ್ತಿರುವ ವಿದ್ಯಾರ್ಥಿಗಳೊಂದಿಗೆ ಸಂವಾದ ನಡೆಸಿ ಮಾತನಾಡಿದರು. ಮೊಬೈಲ್ ಬಳಕೆ ಕಡಿಮೆ ಮಾಡಿ ಓದಿನ ಕಡೆ ಗಮನ ನೀಡಬೇಕು. ಪೋಷಕರು ಮಕ್ಕಳ ಕಲಿಕೆ ಬಗ್ಗೆ ಕಾಳಜಿ ವಹಿಸಬೇಕು. ಶಾಲೆಯ ಶಿಕ್ಷಕರು ಉತ್ತಮ ಫಲಿತಾಂಶಕ್ಕೆ ಶ್ರಮಿಸುತ್ತಿದ್ದಾರೆ. ವಿದ್ಯಾರ್ಥಿಗಳು ಶಿಸ್ತು ಮತ್ತು ಶ್ರದ್ಧೆಯಿಂದ ಓದಿದರೆ ಯಶಸ್ಸು ಖಚಿತ ಎಂದರು.
ಪ್ರಶ್ನೋತ್ತರ ನಡೆದಿದ್ದು ವಿದ್ಯಾರ್ಥಿಗಳು ಪರೀಕ್ಷೆಯ ಕುರಿತು ಪ್ರಶ್ನೆ ಕೇಳಿ ಮಾಹಿತಿ ಪಡೆದರು. ಪ್ರತಿಭಾವಂತ ವಿದ್ಯಾರ್ಥಿಗಳಿಗೆ ಪ್ರೋತ್ಸಾಹ ನೀಡಲು ಶಿಕ್ಷಣ ಇಲಾಖೆ ಬದ್ಧವಾಗಿದೆ. ಮುಖ್ಯಶಿಕ್ಷಕರು, ಶಿಕ್ಷಕರು, ಪೋಷಕರು ಹಾಜರಿದ್ದರು. ವಿದ್ಯಾರ್ಥಿಗಳು ನಿಗದಿತ ವೇಳಾಪಟ್ಟಿಯಂತೆ ಅಭ್ಯಾಸ ಮಾಡಿ ಉತ್ತಮ ಅಂಕ ಗಳಿಸಬೇಕು ಎಂದು ಶುಭ ಹಾರೈಸಿದರು.
●●●●	●●●●	●●●●	●●●●
